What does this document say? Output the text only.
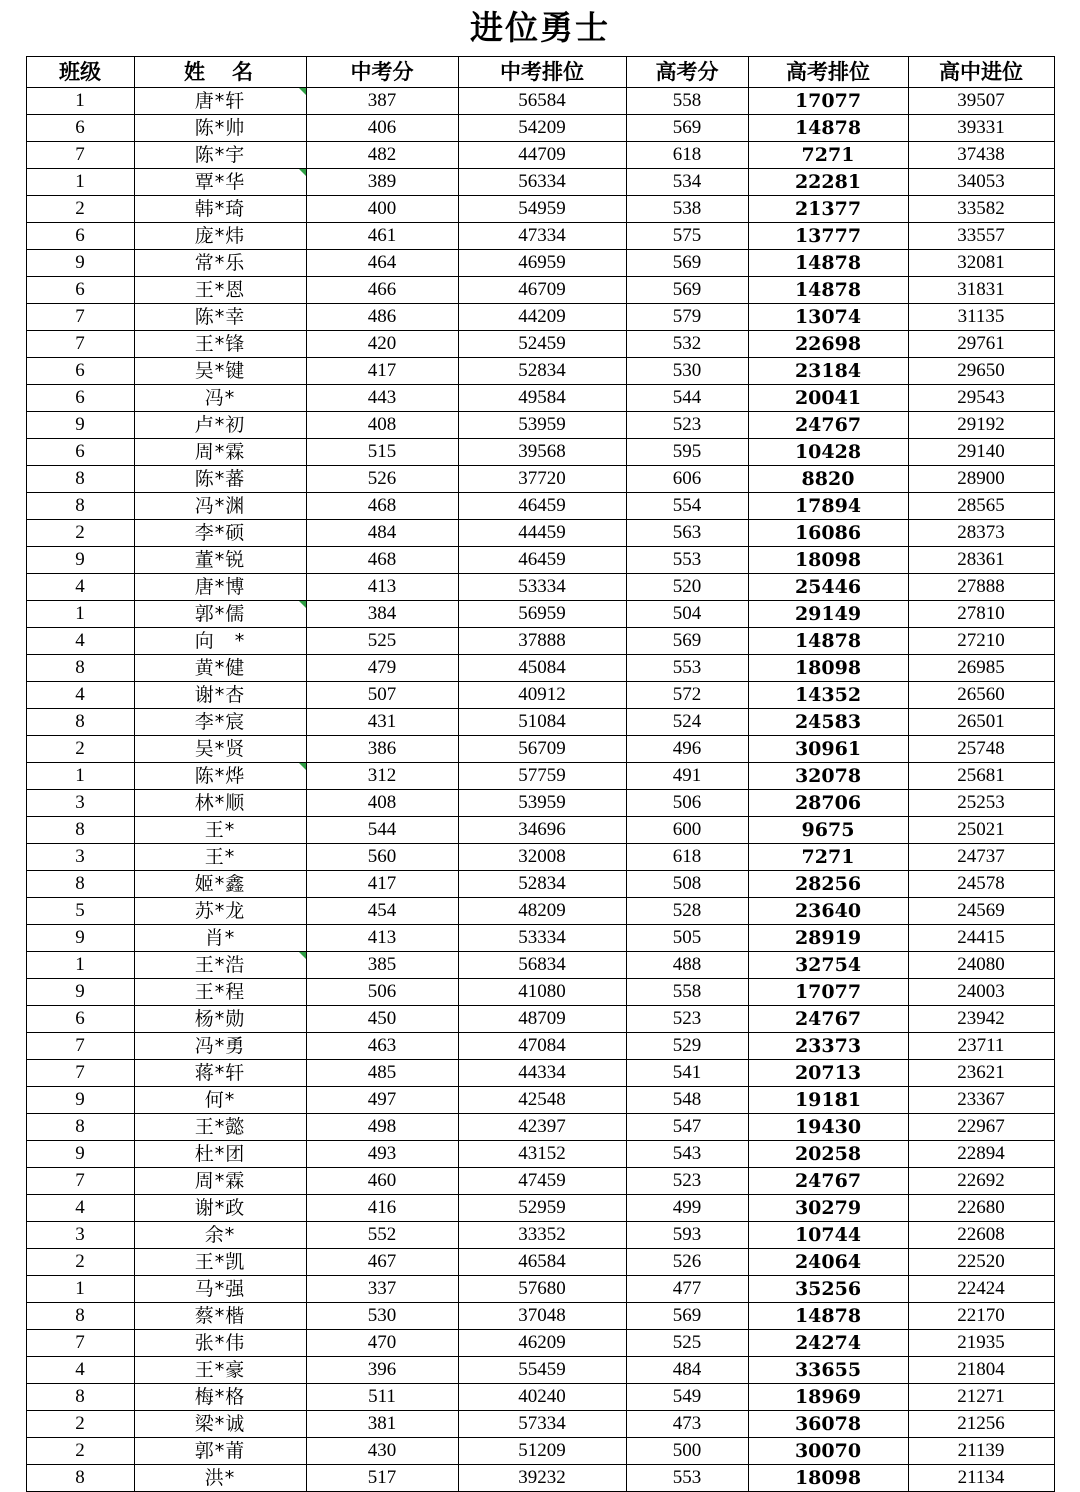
进位勇士
班级	姓　名	中考分	中考排位	高考分	高考排位	高中进位
1	唐*轩	387	56584	558	17077	39507
6	陈*帅	406	54209	569	14878	39331
7	陈*宇	482	44709	618	7271	37438
1	覃*华	389	56334	534	22281	34053
2	韩*琦	400	54959	538	21377	33582
6	庞*炜	461	47334	575	13777	33557
9	常*乐	464	46959	569	14878	32081
6	王*恩	466	46709	569	14878	31831
7	陈*幸	486	44209	579	13074	31135
7	王*锋	420	52459	532	22698	29761
6	吴*键	417	52834	530	23184	29650
6	冯*	443	49584	544	20041	29543
9	卢*初	408	53959	523	24767	29192
6	周*霖	515	39568	595	10428	29140
8	陈*蕃	526	37720	606	8820	28900
8	冯*渊	468	46459	554	17894	28565
2	李*硕	484	44459	563	16086	28373
9	董*锐	468	46459	553	18098	28361
4	唐*博	413	53334	520	25446	27888
1	郭*儒	384	56959	504	29149	27810
4	向　*	525	37888	569	14878	27210
8	黄*健	479	45084	553	18098	26985
4	谢*杏	507	40912	572	14352	26560
8	李*宸	431	51084	524	24583	26501
2	吴*贤	386	56709	496	30961	25748
1	陈*烨	312	57759	491	32078	25681
3	林*顺	408	53959	506	28706	25253
8	王*	544	34696	600	9675	25021
3	王*	560	32008	618	7271	24737
8	姬*鑫	417	52834	508	28256	24578
5	苏*龙	454	48209	528	23640	24569
9	肖*	413	53334	505	28919	24415
1	王*浩	385	56834	488	32754	24080
9	王*程	506	41080	558	17077	24003
6	杨*勋	450	48709	523	24767	23942
7	冯*勇	463	47084	529	23373	23711
7	蒋*轩	485	44334	541	20713	23621
9	何*	497	42548	548	19181	23367
8	王*懿	498	42397	547	19430	22967
9	杜*团	493	43152	543	20258	22894
7	周*霖	460	47459	523	24767	22692
4	谢*政	416	52959	499	30279	22680
3	余*	552	33352	593	10744	22608
2	王*凯	467	46584	526	24064	22520
1	马*强	337	57680	477	35256	22424
8	蔡*楷	530	37048	569	14878	22170
7	张*伟	470	46209	525	24274	21935
4	王*豪	396	55459	484	33655	21804
8	梅*格	511	40240	549	18969	21271
2	梁*诚	381	57334	473	36078	21256
2	郭*莆	430	51209	500	30070	21139
8	洪*	517	39232	553	18098	21134
